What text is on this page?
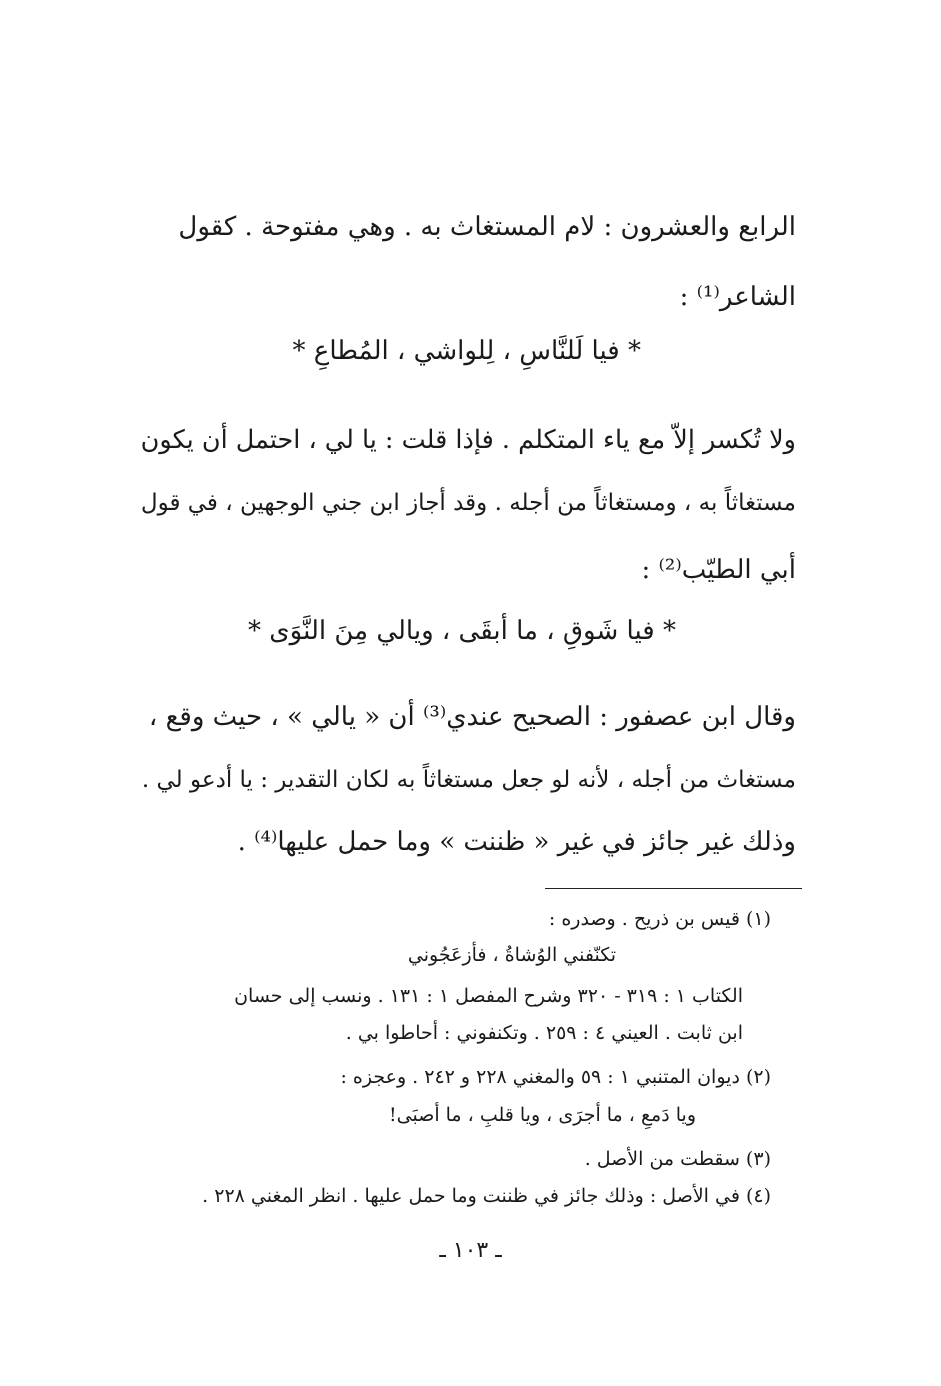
الرابع والعشرون : لام المستغاث به . وهي مفتوحة . كقول
الشاعر⁽¹⁾ :
* فيا لَلنَّاسِ ، لِلواشي ، المُطاعِ *
ولا تُكسر إلاّ مع ياء المتكلم . فإذا قلت : يا لي ، احتمل أن يكون
مستغاثاً به ، ومستغاثاً من أجله . وقد أجاز ابن جني الوجهين ، في قول
أبي الطيّب⁽²⁾ :
* فيا شَوقِ ، ما أبقَى ، ويالي مِنَ النَّوَى *
وقال ابن عصفور : الصحيح عندي⁽³⁾ أن « يالي » ، حيث وقع ،
مستغاث من أجله ، لأنه لو جعل مستغاثاً به لكان التقدير : يا أدعو لي .
وذلك غير جائز في غير « ظننت » وما حمل عليها⁽⁴⁾ .
(١) قيس بن ذريح . وصدره :
تكنّفني الوُشاةُ ، فأزعَجُوني
الكتاب ١ : ٣١٩ - ٣٢٠ وشرح المفصل ١ : ١٣١ . ونسب إلى حسان
ابن ثابت . العيني ٤ : ٢٥٩ . وتكنفوني : أحاطوا بي .
(٢) ديوان المتنبي ١ : ٥٩ والمغني ٢٢٨ و ٢٤٢ . وعجزه :
ويا دَمعِ ، ما أجرَى ، ويا قلبِ ، ما أصبَى!
(٣) سقطت من الأصل .
(٤) في الأصل : وذلك جائز في ظننت وما حمل عليها . انظر المغني ٢٢٨ .
ـ ١٠٣ ـ
